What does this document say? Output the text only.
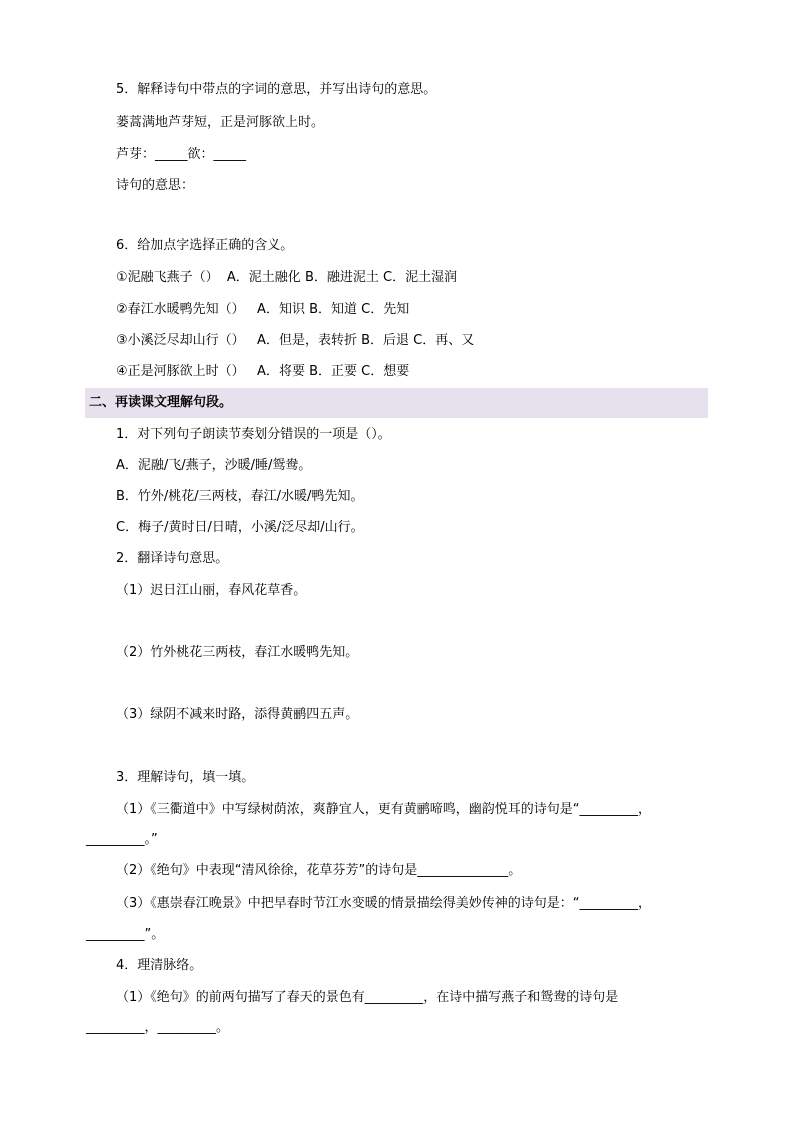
5．解释诗句中带点的字词的意思，并写出诗句的意思。
蒌蒿满地芦芽短，正是河豚欲上时。
芦芽：_____欲：_____
诗句的意思：
6．给加点字选择正确的含义。
①泥融飞燕子（）  A．泥土融化 B．融进泥土 C．泥土湿润
②春江水暖鸭先知（）   A．知识 B．知道 C．先知
③小溪泛尽却山行（）   A．但是，表转折 B．后退 C．再、又
④正是河豚欲上时（）   A．将要 B．正要 C．想要
二、再读课文理解句段。
1．对下列句子朗读节奏划分错误的一项是（）。
A．泥融/飞/燕子，沙暖/睡/鸳鸯。
B．竹外/桃花/三两枝，春江/水暖/鸭先知。
C．梅子/黄时日/日晴，小溪/泛尽却/山行。
2．翻译诗句意思。
（1）迟日江山丽，春风花草香。
（2）竹外桃花三两枝，春江水暖鸭先知。
（3）绿阴不减来时路，添得黄鹂四五声。
3．理解诗句，填一填。
（1）《三衢道中》中写绿树荫浓，爽静宜人，更有黄鹂啼鸣，幽韵悦耳的诗句是“_________，
_________。”
（2）《绝句》中表现“清风徐徐，花草芬芳”的诗句是______________。
（3）《惠崇春江晚景》中把早春时节江水变暖的情景描绘得美妙传神的诗句是：“_________，
_________”。
4．理清脉络。
（1）《绝句》的前两句描写了春天的景色有_________，在诗中描写燕子和鸳鸯的诗句是
_________，_________。
